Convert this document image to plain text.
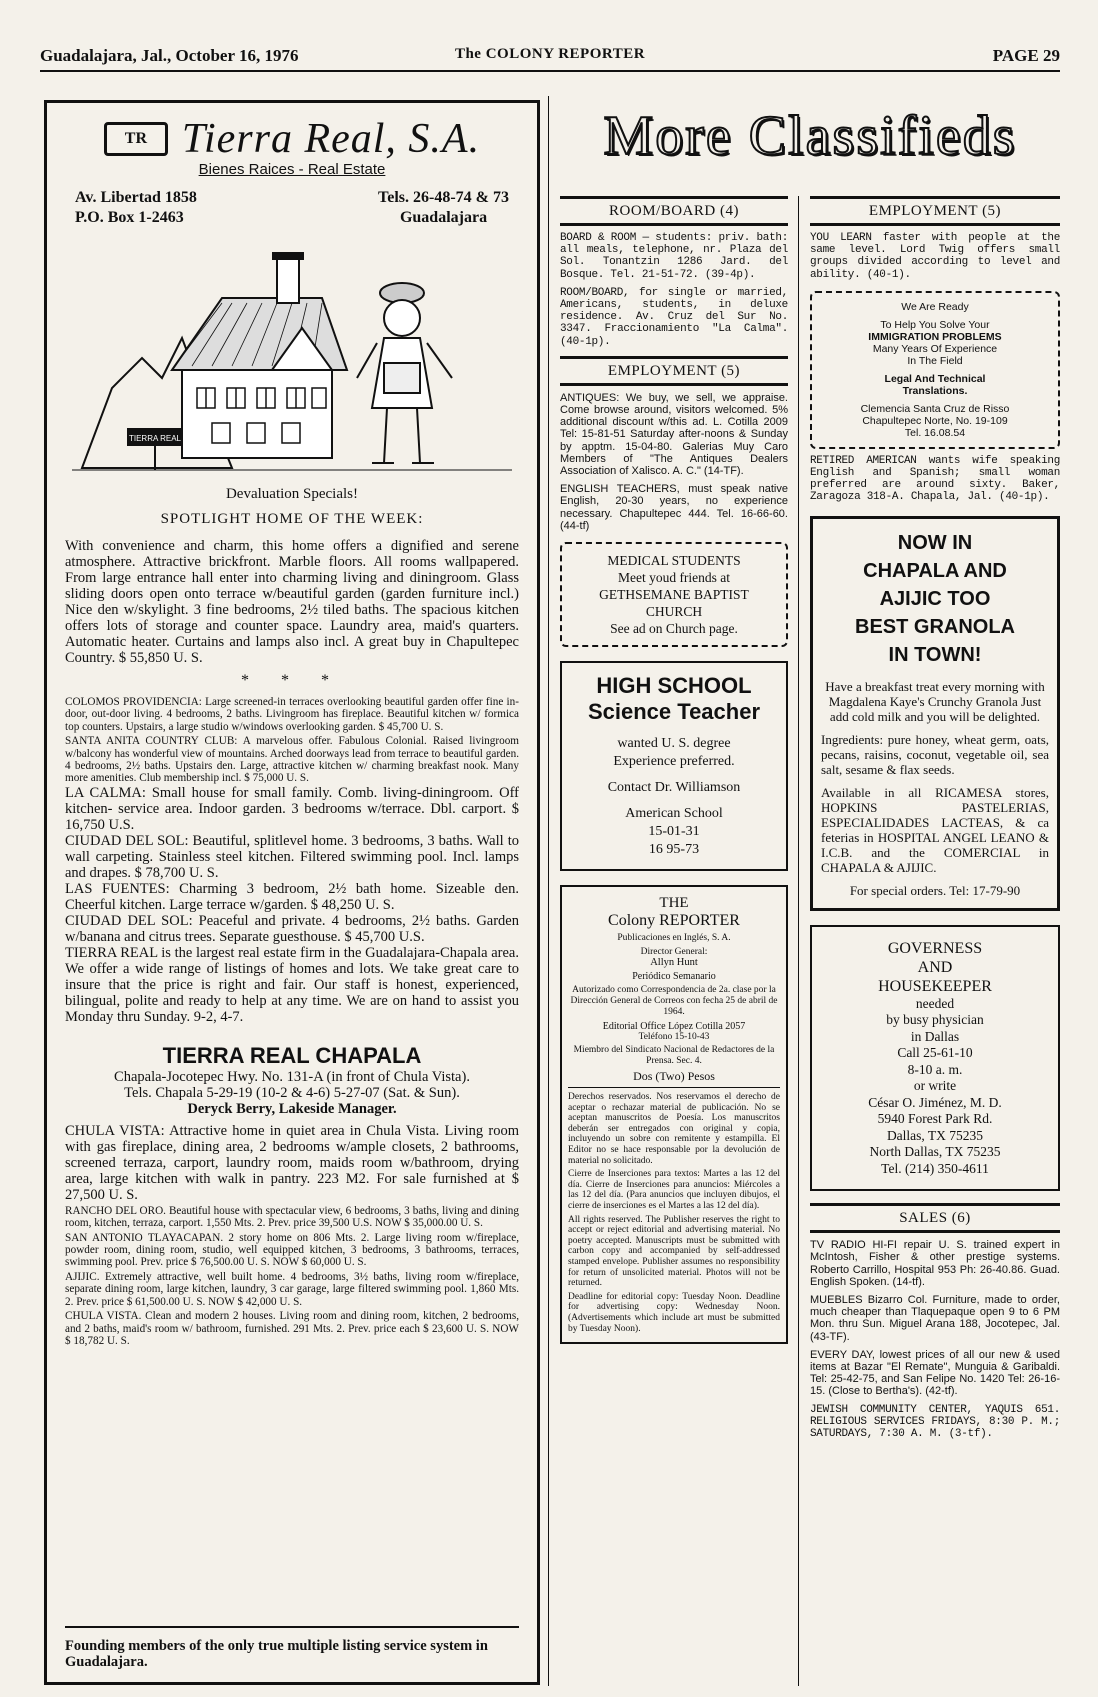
Guadalajara, Jal., October 16, 1976	The COLONY REPORTER	PAGE 29
TR Tierra Real, S.A.
Bienes Raices - Real Estate
Av. Libertad 1858
P.O. Box 1-2463
Tels. 26-48-74 & 73
Guadalajara
TIERRA REAL
Devaluation Specials!
SPOTLIGHT HOME OF THE WEEK:
With convenience and charm, this home offers a dignified and serene atmosphere. Attractive brickfront. Marble floors. All rooms wallpapered. From large entrance hall enter into charming living and diningroom. Glass sliding doors open onto terrace w/beautiful garden (garden furniture incl.) Nice den w/skylight. 3 fine bedrooms, 2½ tiled baths. The spacious kitchen offers lots of storage and counter space. Laundry area, maid's quarters. Automatic heater. Curtains and lamps also incl. A great buy in Chapultepec Country. $ 55,850 U. S.
* * *
COLOMOS PROVIDENCIA: Large screened-in terraces overlooking beautiful garden offer fine in-door, out-door living. 4 bedrooms, 2 baths. Livingroom has fireplace. Beautiful kitchen w/ formica top counters. Upstairs, a large studio w/windows overlooking garden. $ 45,700 U. S.
SANTA ANITA COUNTRY CLUB: A marvelous offer. Fabulous Colonial. Raised livingroom w/balcony has wonderful view of mountains. Arched doorways lead from terrace to beautiful garden. 4 bedrooms, 2½ baths. Upstairs den. Large, attractive kitchen w/ charming breakfast nook. Many more amenities. Club membership incl. $ 75,000 U. S.
LA CALMA: Small house for small family. Comb. living-diningroom. Off kitchen- service area. Indoor garden. 3 bedrooms w/terrace. Dbl. carport. $ 16,750 U.S.
CIUDAD DEL SOL: Beautiful, splitlevel home. 3 bedrooms, 3 baths. Wall to wall carpeting. Stainless steel kitchen. Filtered swimming pool. Incl. lamps and drapes. $ 78,700 U. S.
LAS FUENTES: Charming 3 bedroom, 2½ bath home. Sizeable den. Cheerful kitchen. Large terrace w/garden. $ 48,250 U. S.
CIUDAD DEL SOL: Peaceful and private. 4 bedrooms, 2½ baths. Garden w/banana and citrus trees. Separate guesthouse. $ 45,700 U.S.
TIERRA REAL is the largest real estate firm in the Guadalajara-Chapala area. We offer a wide range of listings of homes and lots. We take great care to insure that the price is right and fair. Our staff is honest, experienced, bilingual, polite and ready to help at any time. We are on hand to assist you Monday thru Sunday. 9-2, 4-7.
TIERRA REAL CHAPALA
Chapala-Jocotepec Hwy. No. 131-A (in front of Chula Vista).
Tels. Chapala 5-29-19 (10-2 & 4-6) 5-27-07 (Sat. & Sun).
Deryck Berry, Lakeside Manager.
CHULA VISTA: Attractive home in quiet area in Chula Vista. Living room with gas fireplace, dining area, 2 bedrooms w/ample closets, 2 bathrooms, screened terraza, carport, laundry room, maids room w/bathroom, drying area, large kitchen with walk in pantry. 223 M2. For sale furnished at $ 27,500 U. S.
RANCHO DEL ORO. Beautiful house with spectacular view, 6 bedrooms, 3 baths, living and dining room, kitchen, terraza, carport. 1,550 Mts. 2. Prev. price 39,500 U.S. NOW $ 35,000.00 U. S.
SAN ANTONIO TLAYACAPAN. 2 story home on 806 Mts. 2. Large living room w/fireplace, powder room, dining room, studio, well equipped kitchen, 3 bedrooms, 3 bathrooms, terraces, swimming pool. Prev. price $ 76,500.00 U. S. NOW $ 60,000 U. S.
AJIJIC. Extremely attractive, well built home. 4 bedrooms, 3½ baths, living room w/fireplace, separate dining room, large kitchen, laundry, 3 car garage, large filtered swimming pool. 1,860 Mts. 2. Prev. price $ 61,500.00 U. S. NOW $ 42,000 U. S.
CHULA VISTA. Clean and modern 2 houses. Living room and dining room, kitchen, 2 bedrooms, and 2 baths, maid's room w/ bathroom, furnished. 291 Mts. 2. Prev. price each $ 23,600 U. S. NOW $ 18,782 U. S.
Founding members of the only true multiple listing service system in Guadalajara.
More Classifieds
ROOM/BOARD (4)
BOARD & ROOM — students: priv. bath: all meals, telephone, nr. Plaza del Sol. Tonantzin 1286 Jard. del Bosque. Tel. 21-51-72. (39-4p).
ROOM/BOARD, for single or married, Americans, students, in deluxe residence. Av. Cruz del Sur No. 3347. Fraccionamiento "La Calma". (40-1p).
EMPLOYMENT (5)
ANTIQUES: We buy, we sell, we appraise. Come browse around, visitors welcomed. 5% additional discount w/this ad. L. Cotilla 2009 Tel: 15-81-51 Saturday after-noons & Sunday by apptm. 15-04-80. Galerias Muy Caro Members of "The Antiques Dealers Association of Xalisco. A. C." (14-TF).
ENGLISH TEACHERS, must speak native English, 20-30 years, no experience necessary. Chapultepec 444. Tel. 16-66-60. (44-tf)
MEDICAL STUDENTS
Meet youd friends at
GETHSEMANE BAPTIST
CHURCH
See ad on Church page.
HIGH SCHOOL
Science Teacher
wanted U. S. degree
Experience preferred.
Contact Dr. Williamson
American School
15-01-31
16 95-73
THE
Colony REPORTER
Publicaciones en Inglés, S. A.
Director General:
Allyn Hunt
Periódico Semanario
Autorizado como Correspondencia de 2a. clase por la Dirección General de Correos con fecha 25 de abril de 1964.
Editorial Office López Cotilla 2057
Teléfono 15-10-43
Miembro del Sindicato Nacional de Redactores de la Prensa. Sec. 4.
Dos (Two) Pesos
Derechos reservados. Nos reservamos el derecho de aceptar o rechazar material de publicación. No se aceptan manuscritos de Poesía. Los manuscritos deberán ser entregados con original y copia, incluyendo un sobre con remitente y estampilla. El Editor no se hace responsable por la devolución de material no solicitado.
Cierre de Inserciones para textos: Martes a las 12 del día. Cierre de Inserciones para anuncios: Miércoles a las 12 del día. (Para anuncios que incluyen dibujos, el cierre de inserciones es el Martes a las 12 del día).
All rights reserved. The Publisher reserves the right to accept or reject editorial and advertising material. No poetry accepted. Manuscripts must be submitted with carbon copy and accompanied by self-addressed stamped envelope. Publisher assumes no responsibility for return of unsolicited material. Photos will not be returned.
Deadline for editorial copy: Tuesday Noon. Deadline for advertising copy: Wednesday Noon. (Advertisements which include art must be submitted by Tuesday Noon).
EMPLOYMENT (5)
YOU LEARN faster with people at the same level. Lord Twig offers small groups divided according to level and ability. (40-1).
We Are Ready
To Help You Solve Your
IMMIGRATION PROBLEMS
Many Years Of Experience
In The Field
Legal And Technical
Translations.
Clemencia Santa Cruz de Risso
Chapultepec Norte, No. 19-109
Tel. 16.08.54
RETIRED AMERICAN wants wife speaking English and Spanish; small woman preferred are around sixty. Baker, Zaragoza 318-A. Chapala, Jal. (40-1p).
NOW IN
CHAPALA AND
AJIJIC TOO
BEST GRANOLA
IN TOWN!
Have a breakfast treat every morning with Magdalena Kaye's Crunchy Granola Just add cold milk and you will be delighted.
Ingredients: pure honey, wheat germ, oats, pecans, raisins, coconut, vegetable oil, sea salt, sesame & flax seeds.
Available in all RICAMESA stores, HOPKINS PASTELERIAS, ESPECIALIDADES LACTEAS, & ca feterias in HOSPITAL ANGEL LEANO & I.C.B. and the COMERCIAL in CHAPALA & AJIJIC.
For special orders. Tel: 17-79-90
GOVERNESS
AND
HOUSEKEEPER
needed
by busy physician
in Dallas
Call 25-61-10
8-10 a. m.
or write
César O. Jiménez, M. D.
5940 Forest Park Rd.
Dallas, TX 75235
North Dallas, TX 75235
Tel. (214) 350-4611
SALES (6)
TV RADIO HI-FI repair U. S. trained expert in McIntosh, Fisher & other prestige systems. Roberto Carrillo, Hospital 953 Ph: 26-40.86. Guad. English Spoken. (14-tf).
MUEBLES Bizarro Col. Furniture, made to order, much cheaper than Tlaquepaque open 9 to 6 PM Mon. thru Sun. Miguel Arana 188, Jocotepec, Jal. (43-TF).
EVERY DAY, lowest prices of all our new & used items at Bazar "El Remate", Munguia & Garibaldi. Tel: 25-42-75, and San Felipe No. 1420 Tel: 26-16-15. (Close to Bertha's). (42-tf).
JEWISH COMMUNITY CENTER, YAQUIS 651. RELIGIOUS SERVICES FRIDAYS, 8:30 P. M.; SATURDAYS, 7:30 A. M. (3-tf).
